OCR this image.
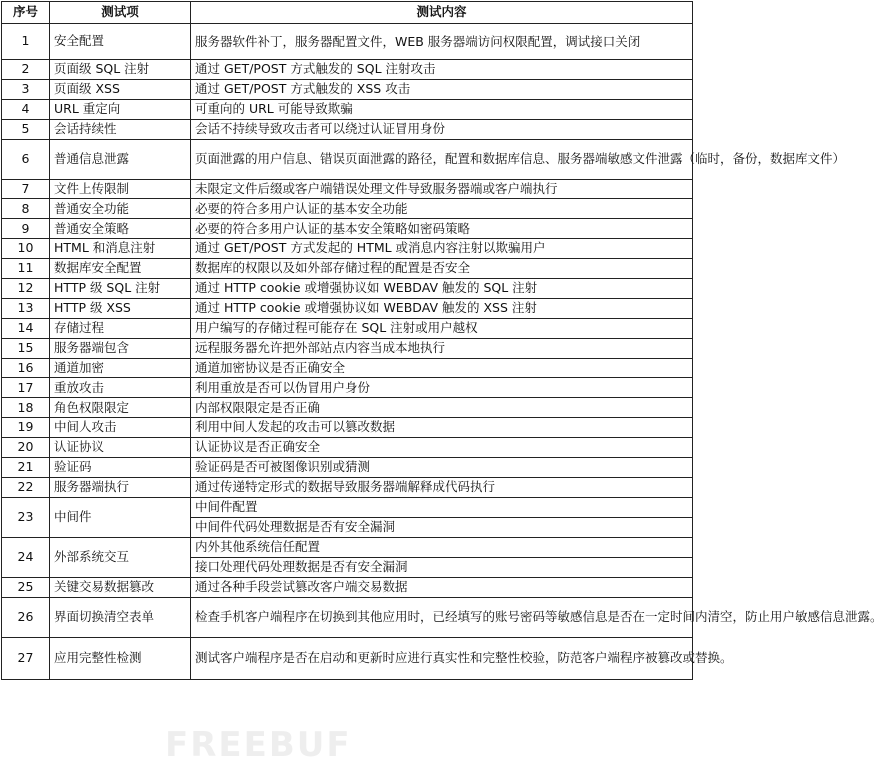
序号	测试项	测试内容
1	安全配置	服务器软件补丁，服务器配置文件，WEB 服务器端访问权限配置，调试接口关闭
2	页面级 SQL 注射	通过 GET/POST 方式触发的 SQL 注射攻击
3	页面级 XSS	通过 GET/POST 方式触发的 XSS 攻击
4	URL 重定向	可重向的 URL 可能导致欺骗
5	会话持续性	会话不持续导致攻击者可以绕过认证冒用身份
6	普通信息泄露	页面泄露的用户信息、错误页面泄露的路径，配置和数据库信息、服务器端敏感文件泄露（临时，备份，数据库文件）
7	文件上传限制	未限定文件后缀或客户端错误处理文件导致服务器端或客户端执行
8	普通安全功能	必要的符合多用户认证的基本安全功能
9	普通安全策略	必要的符合多用户认证的基本安全策略如密码策略
10	HTML 和消息注射	通过 GET/POST 方式发起的 HTML 或消息内容注射以欺骗用户
11	数据库安全配置	数据库的权限以及如外部存储过程的配置是否安全
12	HTTP 级 SQL 注射	通过 HTTP cookie 或增强协议如 WEBDAV 触发的 SQL 注射
13	HTTP 级 XSS	通过 HTTP cookie 或增强协议如 WEBDAV 触发的 XSS 注射
14	存储过程	用户编写的存储过程可能存在 SQL 注射或用户越权
15	服务器端包含	远程服务器允许把外部站点内容当成本地执行
16	通道加密	通道加密协议是否正确安全
17	重放攻击	利用重放是否可以伪冒用户身份
18	角色权限限定	内部权限限定是否正确
19	中间人攻击	利用中间人发起的攻击可以篡改数据
20	认证协议	认证协议是否正确安全
21	验证码	验证码是否可被图像识别或猜测
22	服务器端执行	通过传递特定形式的数据导致服务器端解释成代码执行
23	中间件	中间件配置
		中间件代码处理数据是否有安全漏洞
24	外部系统交互	内外其他系统信任配置
		接口处理代码处理数据是否有安全漏洞
25	关键交易数据篡改	通过各种手段尝试篡改客户端交易数据
26	界面切换清空表单	检查手机客户端程序在切换到其他应用时，已经填写的账号密码等敏感信息是否在一定时间内清空，防止用户敏感信息泄露。
27	应用完整性检测	测试客户端程序是否在启动和更新时应进行真实性和完整性校验，防范客户端程序被篡改或替换。
FREEBUF
